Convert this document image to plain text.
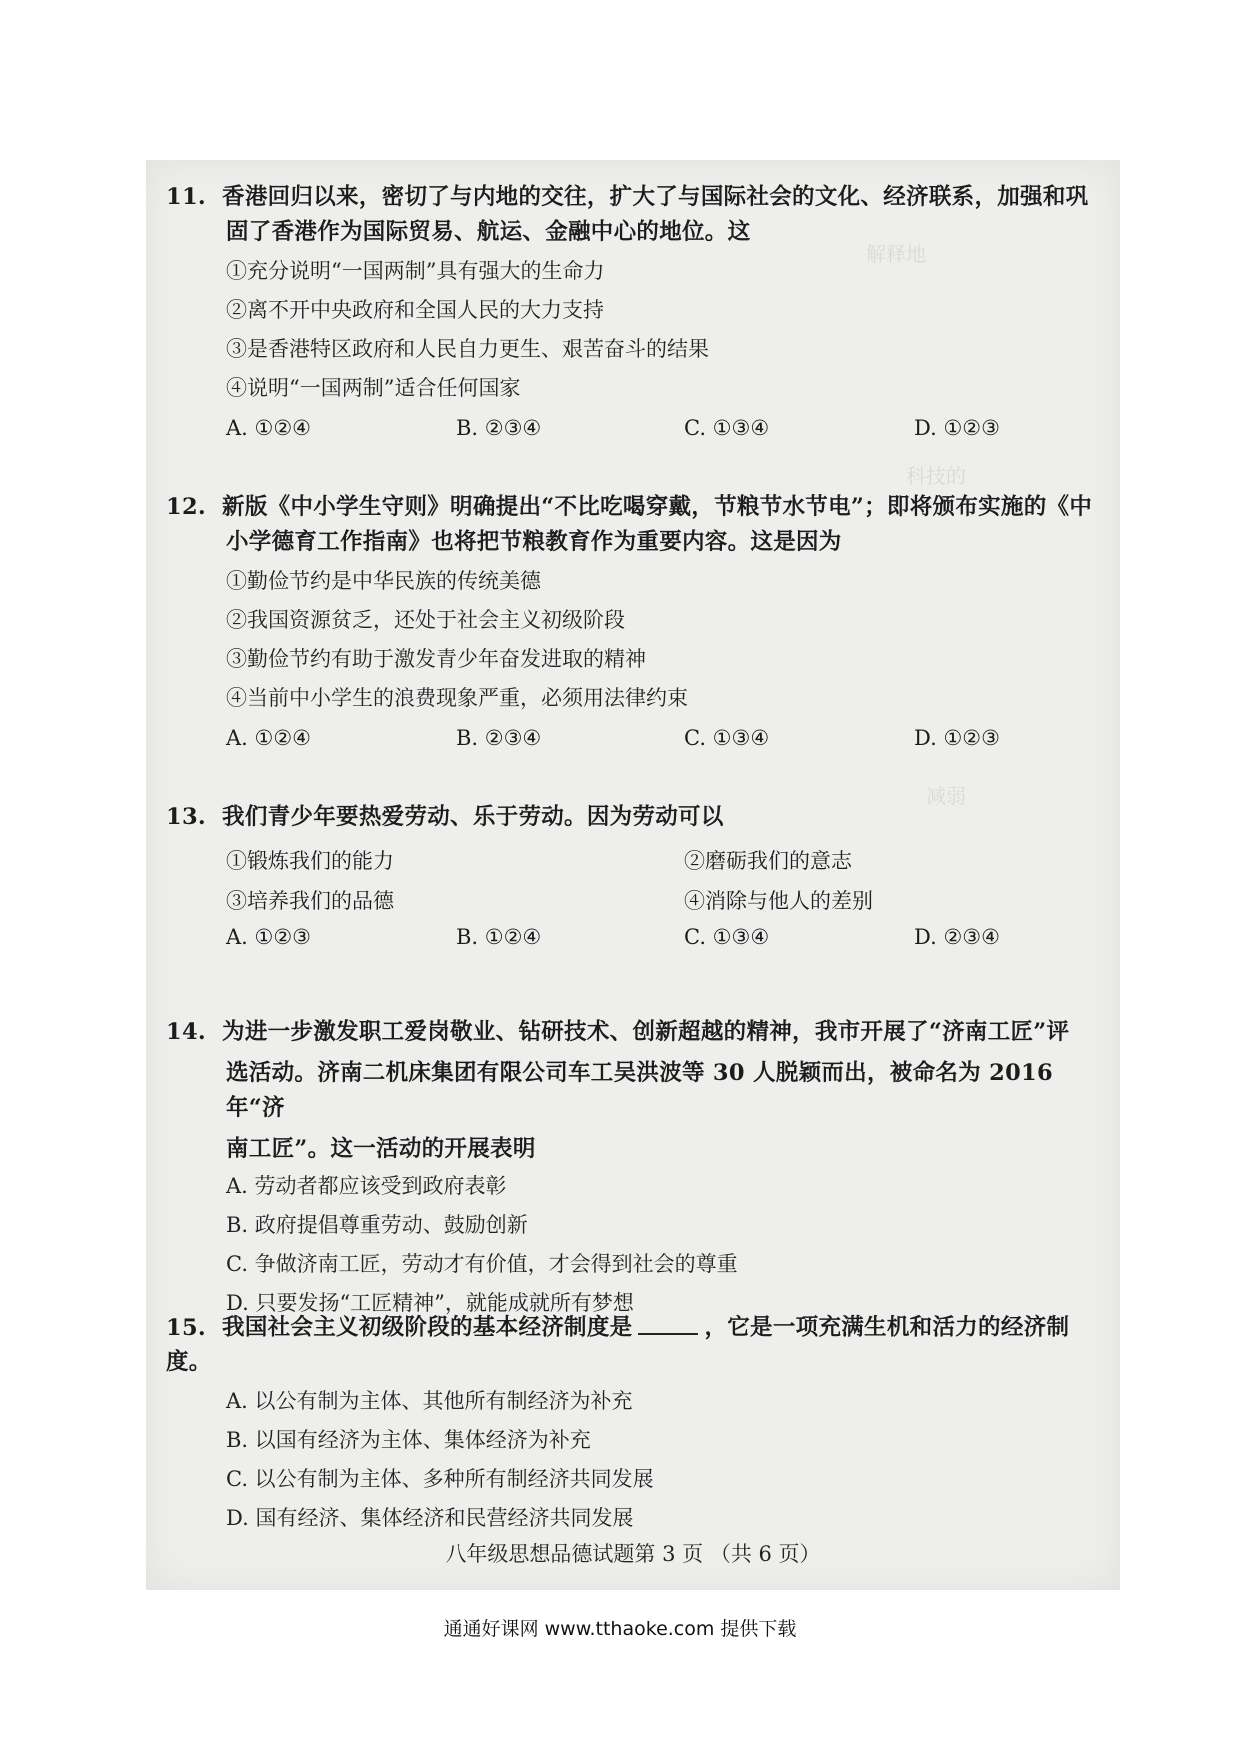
解释地
科技的
减弱
11. 香港回归以来，密切了与内地的交往，扩大了与国际社会的文化、经济联系，加强和巩
固了香港作为国际贸易、航运、金融中心的地位。这
①充分说明“一国两制”具有强大的生命力
②离不开中央政府和全国人民的大力支持
③是香港特区政府和人民自力更生、艰苦奋斗的结果
④说明“一国两制”适合任何国家
A. ①②④	B. ②③④	C. ①③④	D. ①②③
12. 新版《中小学生守则》明确提出“不比吃喝穿戴，节粮节水节电”；即将颁布实施的《中
小学德育工作指南》也将把节粮教育作为重要内容。这是因为
①勤俭节约是中华民族的传统美德
②我国资源贫乏，还处于社会主义初级阶段
③勤俭节约有助于激发青少年奋发进取的精神
④当前中小学生的浪费现象严重，必须用法律约束
A. ①②④	B. ②③④	C. ①③④	D. ①②③
13. 我们青少年要热爱劳动、乐于劳动。因为劳动可以
①锻炼我们的能力	②磨砺我们的意志
③培养我们的品德	④消除与他人的差别
A. ①②③	B. ①②④	C. ①③④	D. ②③④
14. 为进一步激发职工爱岗敬业、钻研技术、创新超越的精神，我市开展了“济南工匠”评
选活动。济南二机床集团有限公司车工吴洪波等 30 人脱颖而出，被命名为 2016 年“济
南工匠”。这一活动的开展表明
A. 劳动者都应该受到政府表彰
B. 政府提倡尊重劳动、鼓励创新
C. 争做济南工匠，劳动才有价值，才会得到社会的尊重
D. 只要发扬“工匠精神”，就能成就所有梦想
15. 我国社会主义初级阶段的基本经济制度是	，它是一项充满生机和活力的经济制度。
A. 以公有制为主体、其他所有制经济为补充
B. 以国有经济为主体、集体经济为补充
C. 以公有制为主体、多种所有制经济共同发展
D. 国有经济、集体经济和民营经济共同发展
八年级思想品德试题第 3 页 （共 6 页）
通通好课网 www.tthaoke.com 提供下载
